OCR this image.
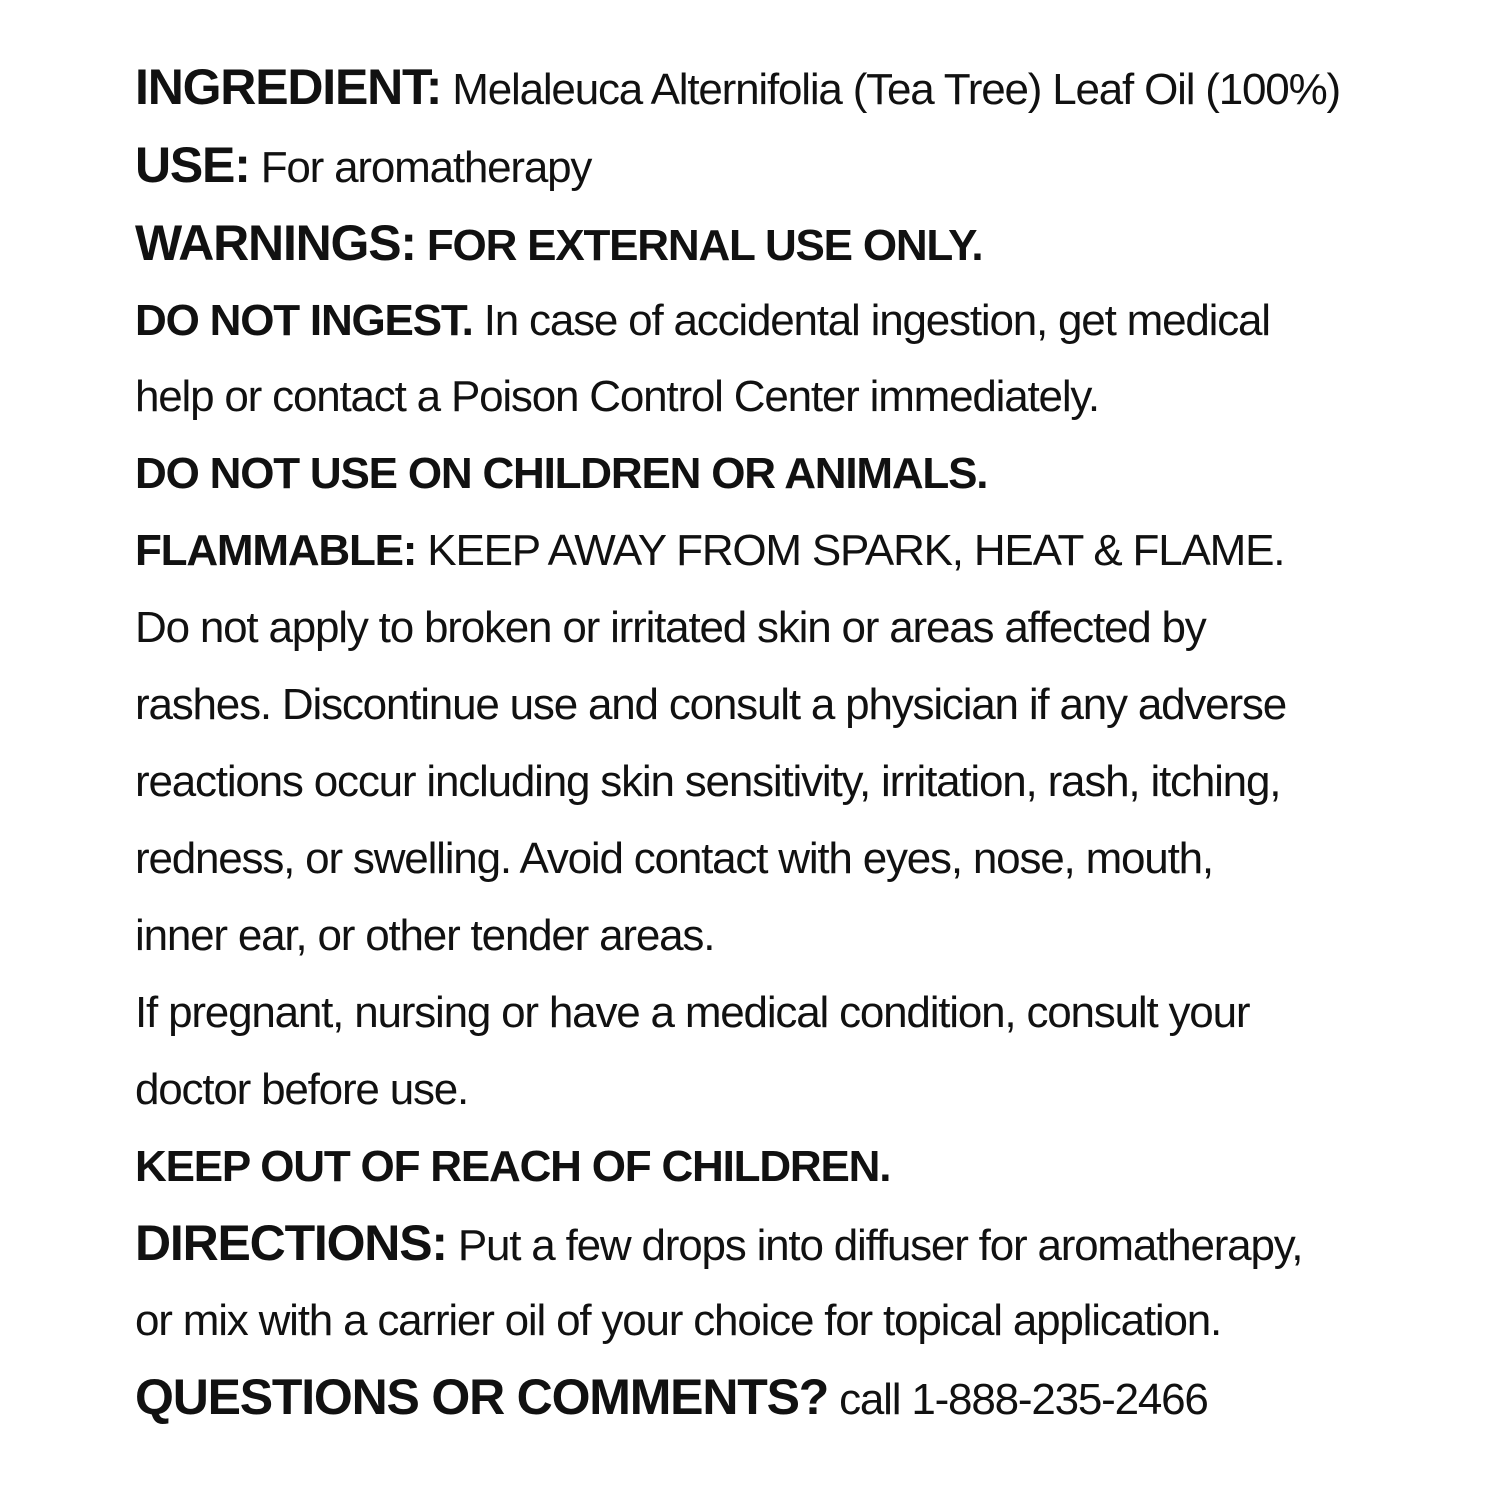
INGREDIENT: Melaleuca Alternifolia (Tea Tree) Leaf Oil (100%)
USE: For aromatherapy
WARNINGS: FOR EXTERNAL USE ONLY.
DO NOT INGEST. In case of accidental ingestion, get medical
help or contact a Poison Control Center immediately.
DO NOT USE ON CHILDREN OR ANIMALS.
FLAMMABLE: KEEP AWAY FROM SPARK, HEAT & FLAME.
Do not apply to broken or irritated skin or areas affected by
rashes. Discontinue use and consult a physician if any adverse
reactions occur including skin sensitivity, irritation, rash, itching,
redness, or swelling. Avoid contact with eyes, nose, mouth,
inner ear, or other tender areas.
If pregnant, nursing or have a medical condition, consult your
doctor before use.
KEEP OUT OF REACH OF CHILDREN.
DIRECTIONS: Put a few drops into diffuser for aromatherapy,
or mix with a carrier oil of your choice for topical application.
QUESTIONS OR COMMENTS? call 1-888-235-2466
